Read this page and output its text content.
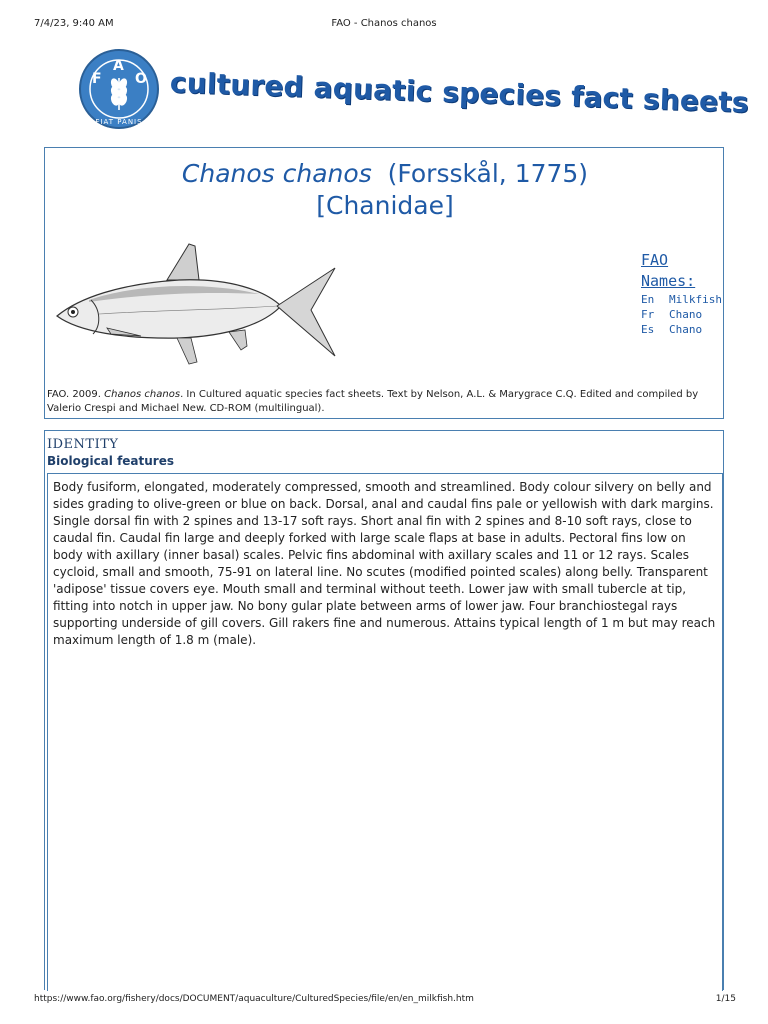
7/4/23, 9:40 AM	FAO - Chanos chanos
F
A
O
FIAT PANIS
cultured aquatic species fact sheets
Chanos chanos (Forsskål, 1775)
[Chanidae]
FAO
Names:
En Milkfish
Fr Chano
Es Chano
FAO. 2009. Chanos chanos. In Cultured aquatic species fact sheets. Text by Nelson, A.L. & Marygrace C.Q. Edited and compiled by Valerio Crespi and Michael New. CD-ROM (multilingual).
IDENTITY
Biological features

Body fusiform, elongated, moderately compressed, smooth and streamlined. Body colour silvery on belly and sides grading to olive-green or blue on back. Dorsal, anal and caudal fins pale or yellowish with dark margins. Single dorsal fin with 2 spines and 13-17 soft rays. Short anal fin with 2 spines and 8-10 soft rays, close to caudal fin. Caudal fin large and deeply forked with large scale flaps at base in adults. Pectoral fins low on body with axillary (inner basal) scales. Pelvic fins abdominal with axillary scales and 11 or 12 rays. Scales cycloid, small and smooth, 75-91 on lateral line. No scutes (modified pointed scales) along belly. Transparent 'adipose' tissue covers eye. Mouth small and terminal without teeth. Lower jaw with small tubercle at tip, fitting into notch in upper jaw. No bony gular plate between arms of lower jaw. Four branchiostegal rays supporting underside of gill covers. Gill rakers fine and numerous. Attains typical length of 1 m but may reach maximum length of 1.8 m (male).

https://www.fao.org/fishery/docs/DOCUMENT/aquaculture/CulturedSpecies/file/en/en_milkfish.htm	1/15
